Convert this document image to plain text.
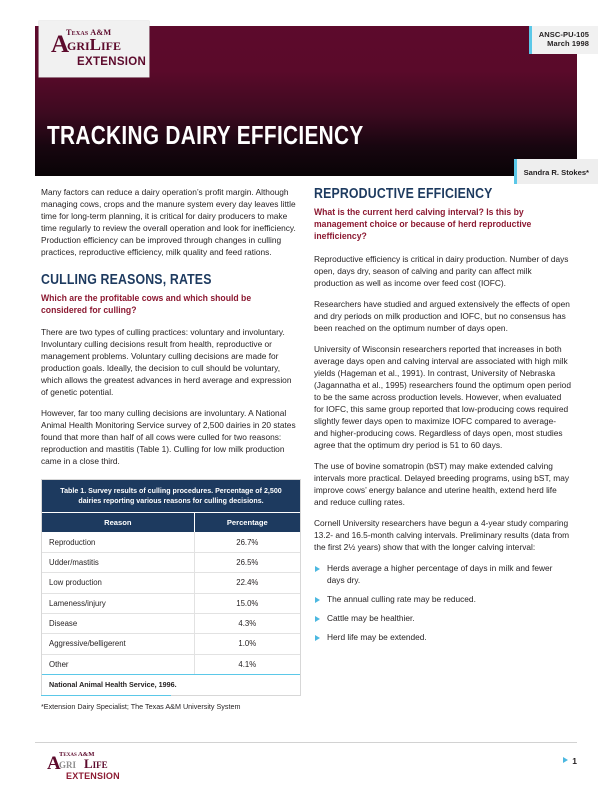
Texas A&M
A
griLife
EXTENSION
ANSC-PU-105
March 1998
TRACKING DAIRY EFFICIENCY
Sandra R. Stokes*

Many factors can reduce a dairy operation’s profit margin. Although managing cows, crops and the manure system every day leaves little time for long-term planning, it is critical for dairy producers to make time regularly to review the overall operation and look for inefficiency. Production efficiency can be improved through changes in culling practices, reproductive efficiency, milk quality and feed rations.

CULLING REASONS, RATES
Which are the profitable cows and which should be considered for culling?

There are two types of culling practices: voluntary and involuntary. Involuntary culling decisions result from health, reproductive or management problems. Voluntary culling decisions are made for production goals. Ideally, the decision to cull should be voluntary, which allows the greatest advances in herd average and expression of genetic potential.

However, far too many culling decisions are involuntary. A National Animal Health Monitoring Service survey of 2,500 dairies in 20 states found that more than half of all cows were culled for two reasons: reproduction and mastitis (Table 1). Culling for low milk production came in a close third.

Table 1. Survey results of culling procedures. Percentage of 2,500 dairies reporting various reasons for culling decisions.
Reason	Percentage
Reproduction	26.7%
Udder/mastitis	26.5%
Low production	22.4%
Lameness/injury	15.0%
Disease	4.3%
Aggressive/belligerent	1.0%
Other	4.1%
National Animal Health Service, 1996.
*Extension Dairy Specialist; The Texas A&M University System
REPRODUCTIVE EFFICIENCY
What is the current herd calving interval? Is this by management choice or because of herd reproductive inefficiency?

Reproductive efficiency is critical in dairy production. Number of days open, days dry, season of calving and parity can affect milk production as well as income over feed cost (IOFC).

Researchers have studied and argued extensively the effects of open and dry periods on milk production and IOFC, but no consensus has been reached on the optimum number of days open.

University of Wisconsin researchers reported that increases in both average days open and calving interval are associated with high milk yields (Hageman et al., 1991). In contrast, University of Nebraska (Jagannatha et al., 1995) researchers found the optimum open period to be the same across production levels. However, when evaluated for IOFC, this same group reported that low-producing cows required slightly fewer days open to maximize IOFC compared to average- and higher-producing cows. Regardless of days open, most studies agree that the optimum dry period is 51 to 60 days.

The use of bovine somatropin (bST) may make extended calving intervals more practical. Delayed breeding programs, using bST, may improve cows’ energy balance and uterine health, extend herd life and reduce culling rates.

Cornell University researchers have begun a 4-year study comparing 13.2- and 16.5-month calving intervals. Preliminary results (data from the first 2½ years) show that with the longer calving interval:

Herds average a higher percentage of days in milk and fewer days dry.
The annual culling rate may be reduced.
Cattle may be healthier.
Herd life may be extended.
Texas A&M
A
gri Life
EXTENSION
1
